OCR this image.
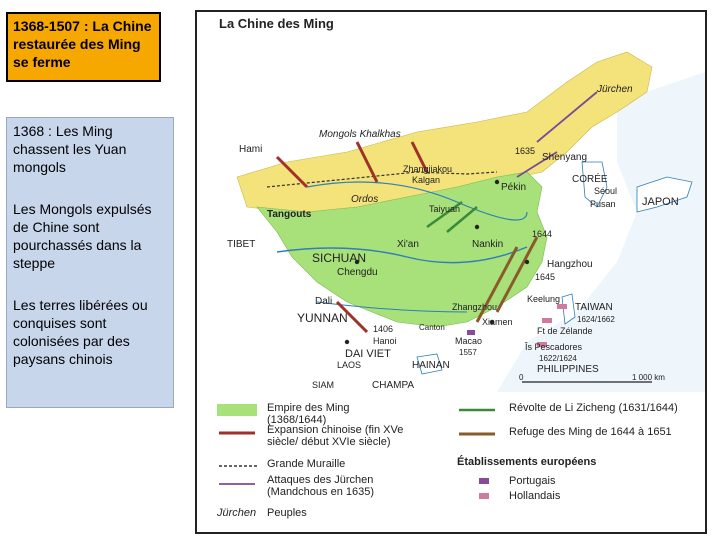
1368-1507 : La Chine restaurée des Ming se ferme

1368 : Les Ming chassent les Yuan mongols

Les Mongols expulsés de Chine sont pourchassés dans la steppe

Les terres libérées ou conquises sont colonisées par des paysans chinois

La Chine des Ming
Jürchen
Mongols Khalkhas
Hami
Zhangjiakou
Kalgan
Ordos
Pékin
Taiyuan
Shenyang
1635
CORÉE
Séoul
Pusan JAPON
Tangouts
TIBET	Xi'an	Nankin
1644
SICHUAN
Chengdu
Hangzhou
1645
Keelung
TAIWAN
1624/1662
Zhangzhou
Xiamen
Dali
YUNNAN
1406
Hanoi
Canton
Macao
1557
Ft de Zélande
Îs Pescadores
1622/1624
DAI VIET
LAOS	HAINAN	PHILIPPINES
SIAM	CHAMPA
0	1 000 km
Empire des Ming (1368/1644)
Expansion chinoise (fin XVe siècle/ début XVIe siècle)
Grande Muraille
Attaques des Jürchen (Mandchous en 1635)
Jürchen Peuples
Révolte de Li Zicheng (1631/1644)
Refuge des Ming de 1644 à 1651
Établissements européens
Portugais
Hollandais
